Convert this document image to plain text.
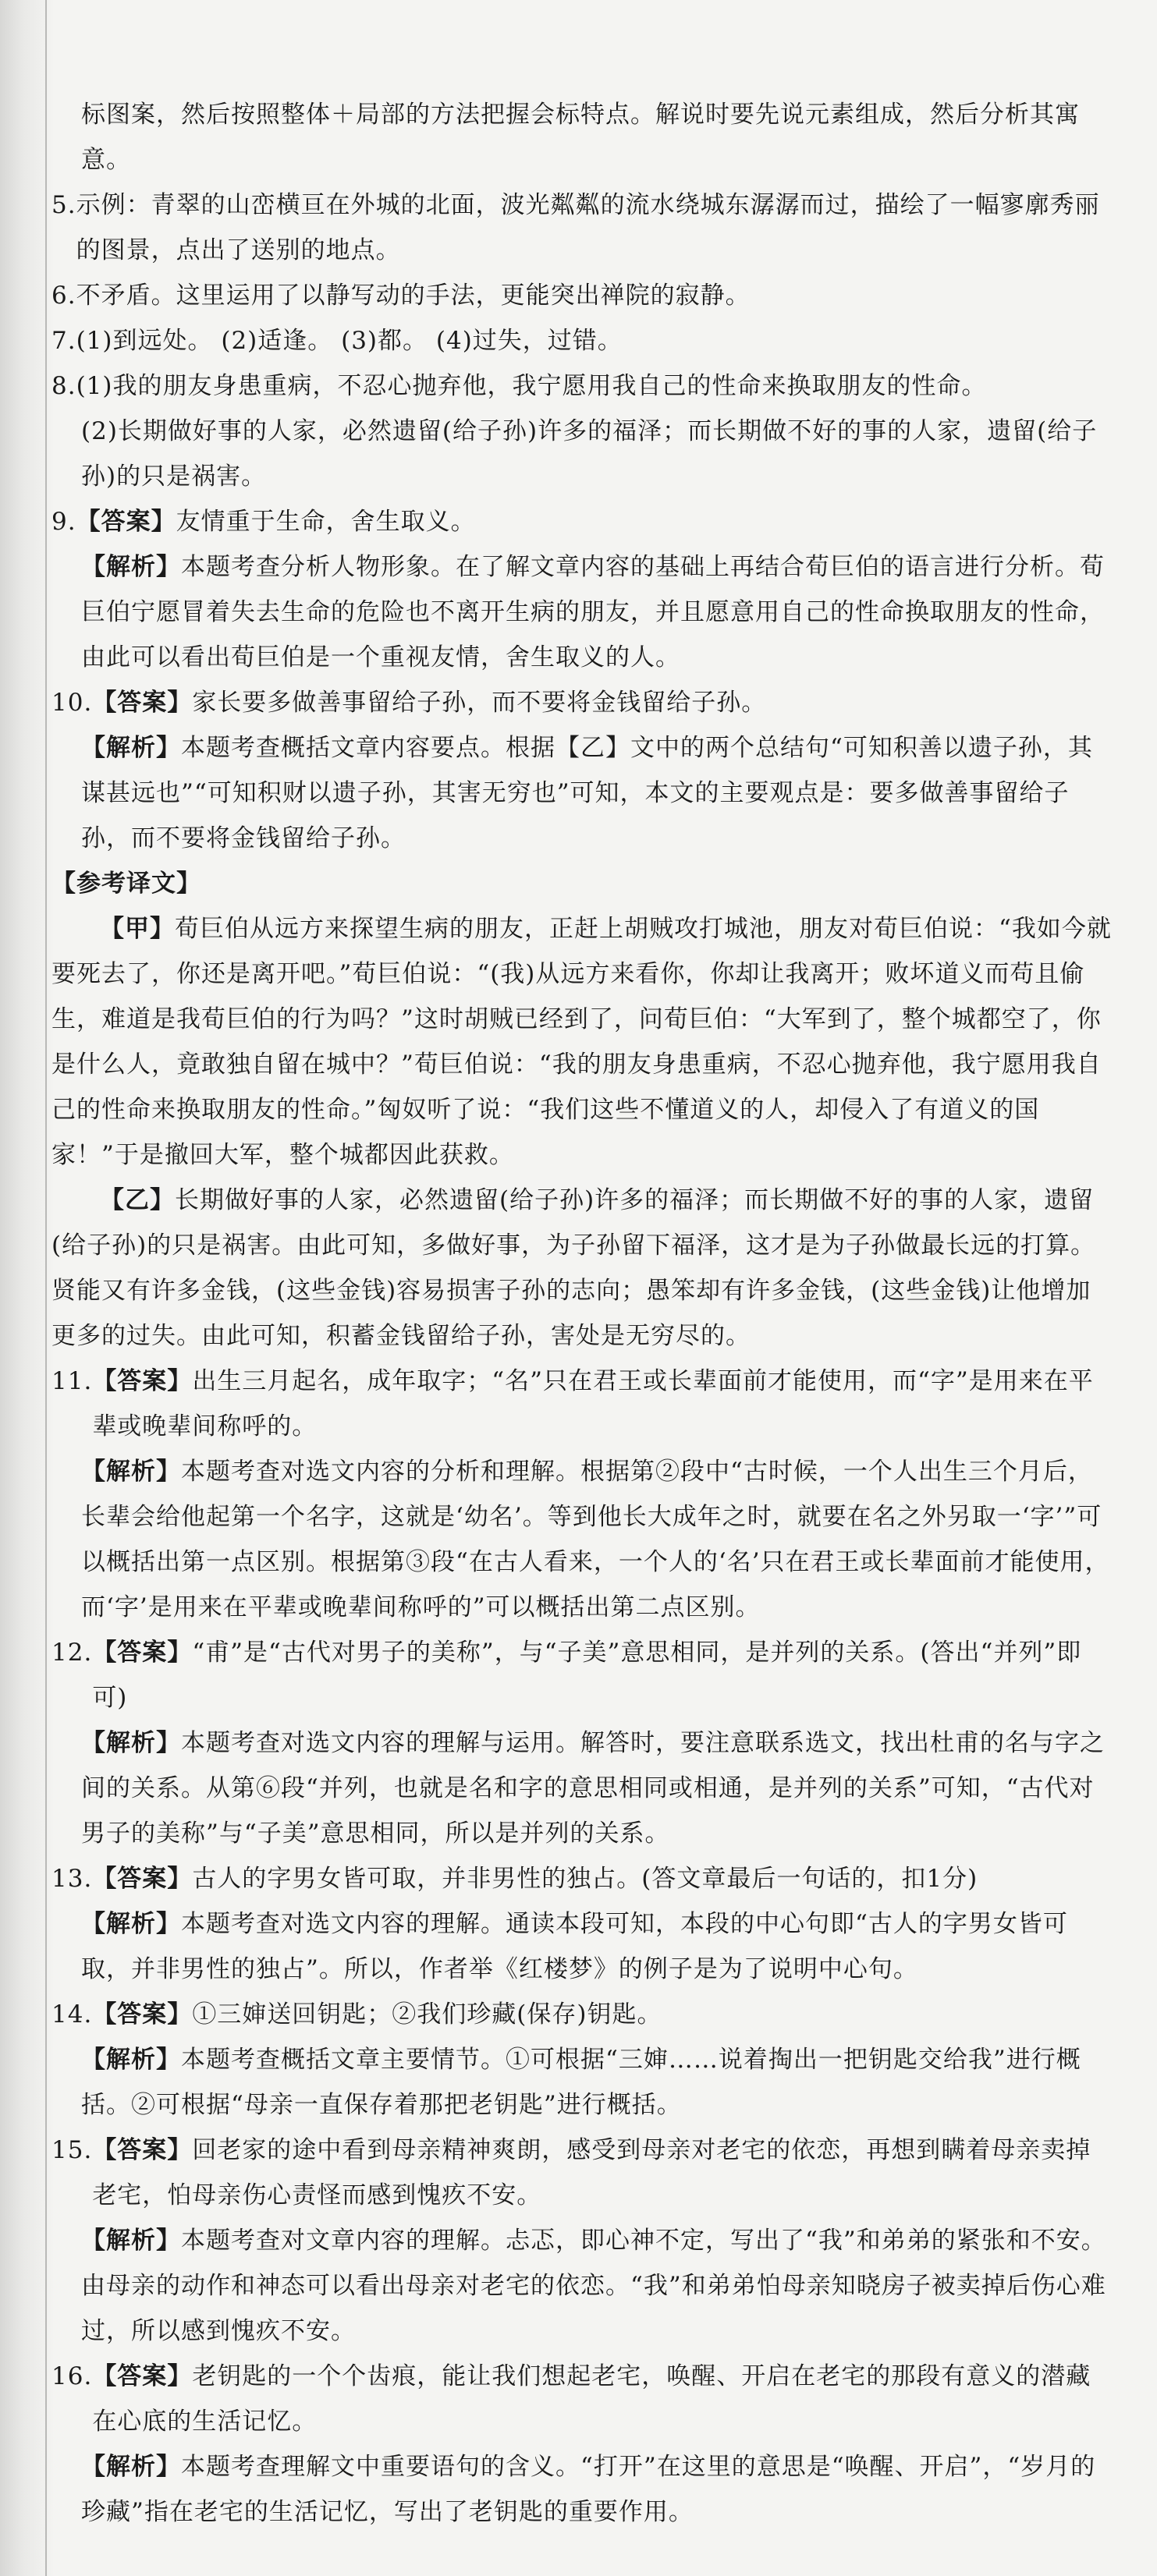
标图案，然后按照整体＋局部的方法把握会标特点。解说时要先说元素组成，然后分析其寓意。
5. 示例：青翠的山峦横亘在外城的北面，波光粼粼的流水绕城东潺潺而过，描绘了一幅寥廓秀丽的图景，点出了送别的地点。
6. 不矛盾。这里运用了以静写动的手法，更能突出禅院的寂静。
7. (1)到远处。 (2)适逢。 (3)都。 (4)过失，过错。
8. (1)我的朋友身患重病，不忍心抛弃他，我宁愿用我自己的性命来换取朋友的性命。
(2)长期做好事的人家，必然遗留(给子孙)许多的福泽；而长期做不好的事的人家，遗留(给子孙)的只是祸害。
9. 【答案】友情重于生命，舍生取义。
【解析】本题考查分析人物形象。在了解文章内容的基础上再结合荀巨伯的语言进行分析。荀巨伯宁愿冒着失去生命的危险也不离开生病的朋友，并且愿意用自己的性命换取朋友的性命，由此可以看出荀巨伯是一个重视友情，舍生取义的人。
10. 【答案】家长要多做善事留给子孙，而不要将金钱留给子孙。
【解析】本题考查概括文章内容要点。根据【乙】文中的两个总结句“可知积善以遗子孙，其谋甚远也”“可知积财以遗子孙，其害无穷也”可知，本文的主要观点是：要多做善事留给子孙，而不要将金钱留给子孙。
【参考译文】
【甲】荀巨伯从远方来探望生病的朋友，正赶上胡贼攻打城池，朋友对荀巨伯说：“我如今就要死去了，你还是离开吧。”荀巨伯说：“(我)从远方来看你，你却让我离开；败坏道义而苟且偷生，难道是我荀巨伯的行为吗？”这时胡贼已经到了，问荀巨伯：“大军到了，整个城都空了，你是什么人，竟敢独自留在城中？”荀巨伯说：“我的朋友身患重病，不忍心抛弃他，我宁愿用我自己的性命来换取朋友的性命。”匈奴听了说：“我们这些不懂道义的人，却侵入了有道义的国家！”于是撤回大军，整个城都因此获救。
【乙】长期做好事的人家，必然遗留(给子孙)许多的福泽；而长期做不好的事的人家，遗留(给子孙)的只是祸害。由此可知，多做好事，为子孙留下福泽，这才是为子孙做最长远的打算。贤能又有许多金钱，(这些金钱)容易损害子孙的志向；愚笨却有许多金钱，(这些金钱)让他增加更多的过失。由此可知，积蓄金钱留给子孙，害处是无穷尽的。
11. 【答案】出生三月起名，成年取字；“名”只在君王或长辈面前才能使用，而“字”是用来在平辈或晚辈间称呼的。
【解析】本题考查对选文内容的分析和理解。根据第②段中“古时候，一个人出生三个月后，长辈会给他起第一个名字，这就是‘幼名’。等到他长大成年之时，就要在名之外另取一‘字’”可以概括出第一点区别。根据第③段“在古人看来，一个人的‘名’只在君王或长辈面前才能使用，而‘字’是用来在平辈或晚辈间称呼的”可以概括出第二点区别。
12. 【答案】“甫”是“古代对男子的美称”，与“子美”意思相同，是并列的关系。(答出“并列”即可)
【解析】本题考查对选文内容的理解与运用。解答时，要注意联系选文，找出杜甫的名与字之间的关系。从第⑥段“并列，也就是名和字的意思相同或相通，是并列的关系”可知，“古代对男子的美称”与“子美”意思相同，所以是并列的关系。
13. 【答案】古人的字男女皆可取，并非男性的独占。(答文章最后一句话的，扣1分)
【解析】本题考查对选文内容的理解。通读本段可知，本段的中心句即“古人的字男女皆可取，并非男性的独占”。所以，作者举《红楼梦》的例子是为了说明中心句。
14. 【答案】①三婶送回钥匙；②我们珍藏(保存)钥匙。
【解析】本题考查概括文章主要情节。①可根据“三婶……说着掏出一把钥匙交给我”进行概括。②可根据“母亲一直保存着那把老钥匙”进行概括。
15. 【答案】回老家的途中看到母亲精神爽朗，感受到母亲对老宅的依恋，再想到瞒着母亲卖掉老宅，怕母亲伤心责怪而感到愧疚不安。
【解析】本题考查对文章内容的理解。忐忑，即心神不定，写出了“我”和弟弟的紧张和不安。由母亲的动作和神态可以看出母亲对老宅的依恋。“我”和弟弟怕母亲知晓房子被卖掉后伤心难过，所以感到愧疚不安。
16. 【答案】老钥匙的一个个齿痕，能让我们想起老宅，唤醒、开启在老宅的那段有意义的潜藏在心底的生活记忆。
【解析】本题考查理解文中重要语句的含义。“打开”在这里的意思是“唤醒、开启”，“岁月的珍藏”指在老宅的生活记忆，写出了老钥匙的重要作用。
